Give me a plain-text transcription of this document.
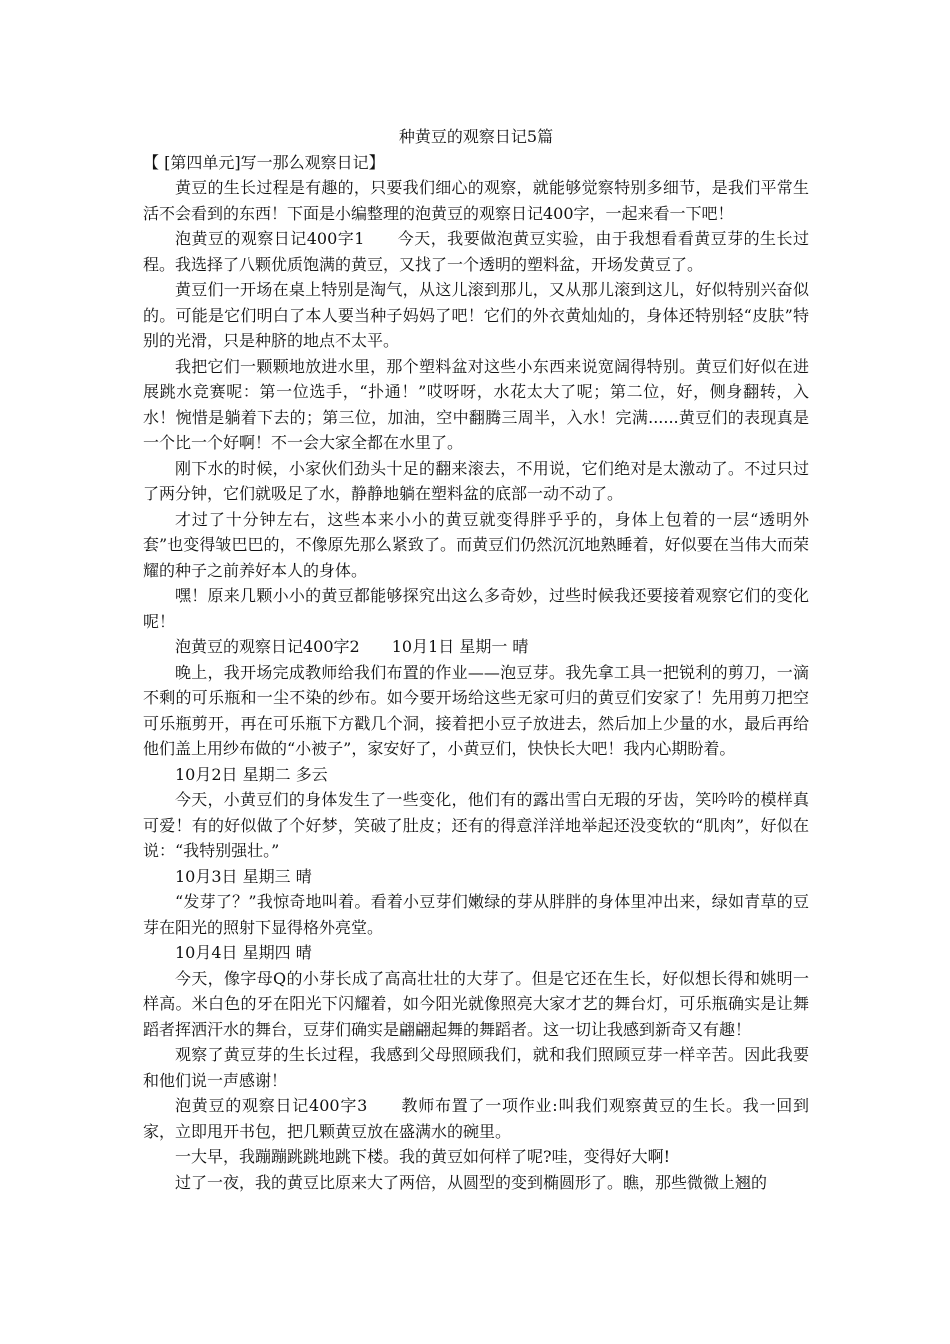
种黄豆的观察日记5篇

【 [第四单元]写一那么观察日记】

黄豆的生长过程是有趣的，只要我们细心的观察，就能够觉察特别多细节，是我们平常生活不会看到的东西！下面是小编整理的泡黄豆的观察日记400字，一起来看一下吧！

泡黄豆的观察日记400字1　　今天，我要做泡黄豆实验，由于我想看看黄豆芽的生长过程。我选择了八颗优质饱满的黄豆，又找了一个透明的塑料盆，开场发黄豆了。

黄豆们一开场在桌上特别是淘气，从这儿滚到那儿，又从那儿滚到这儿，好似特别兴奋似的。可能是它们明白了本人要当种子妈妈了吧！它们的外衣黄灿灿的，身体还特别轻“皮肤”特别的光滑，只是种脐的地点不太平。

我把它们一颗颗地放进水里，那个塑料盆对这些小东西来说宽阔得特别。黄豆们好似在进展跳水竞赛呢：第一位选手，“扑通！”哎呀呀，水花太大了呢；第二位，好，侧身翻转，入水！惋惜是躺着下去的；第三位，加油，空中翻腾三周半，入水！完满......黄豆们的表现真是一个比一个好啊！不一会大家全都在水里了。

刚下水的时候，小家伙们劲头十足的翻来滚去，不用说，它们绝对是太激动了。不过只过了两分钟，它们就吸足了水，静静地躺在塑料盆的底部一动不动了。

才过了十分钟左右，这些本来小小的黄豆就变得胖乎乎的，身体上包着的一层“透明外套”也变得皱巴巴的，不像原先那么紧致了。而黄豆们仍然沉沉地熟睡着，好似要在当伟大而荣耀的种子之前养好本人的身体。

嘿！原来几颗小小的黄豆都能够探究出这么多奇妙，过些时候我还要接着观察它们的变化呢！

泡黄豆的观察日记400字2　　10月1日 星期一 晴

晚上，我开场完成教师给我们布置的作业——泡豆芽。我先拿工具一把锐利的剪刀，一滴不剩的可乐瓶和一尘不染的纱布。如今要开场给这些无家可归的黄豆们安家了！先用剪刀把空可乐瓶剪开，再在可乐瓶下方戳几个洞，接着把小豆子放进去，然后加上少量的水，最后再给他们盖上用纱布做的“小被子”，家安好了，小黄豆们，快快长大吧！我内心期盼着。

10月2日 星期二 多云

今天，小黄豆们的身体发生了一些变化，他们有的露出雪白无瑕的牙齿，笑吟吟的模样真可爱！有的好似做了个好梦，笑破了肚皮；还有的得意洋洋地举起还没变软的“肌肉”，好似在说：“我特别强壮。”

10月3日 星期三 晴

“发芽了？”我惊奇地叫着。看着小豆芽们嫩绿的芽从胖胖的身体里冲出来，绿如青草的豆芽在阳光的照射下显得格外亮堂。

10月4日 星期四 晴

今天，像字母Q的小芽长成了高高壮壮的大芽了。但是它还在生长，好似想长得和姚明一样高。米白色的牙在阳光下闪耀着，如今阳光就像照亮大家才艺的舞台灯，可乐瓶确实是让舞蹈者挥洒汗水的舞台，豆芽们确实是翩翩起舞的舞蹈者。这一切让我感到新奇又有趣！

观察了黄豆芽的生长过程，我感到父母照顾我们，就和我们照顾豆芽一样辛苦。因此我要和他们说一声感谢！

泡黄豆的观察日记400字3　　教师布置了一项作业:叫我们观察黄豆的生长。我一回到家，立即甩开书包，把几颗黄豆放在盛满水的碗里。

一大早，我蹦蹦跳跳地跳下楼。我的黄豆如何样了呢?哇，变得好大啊!

过了一夜，我的黄豆比原来大了两倍，从圆型的变到椭圆形了。瞧，那些微微上翘的
